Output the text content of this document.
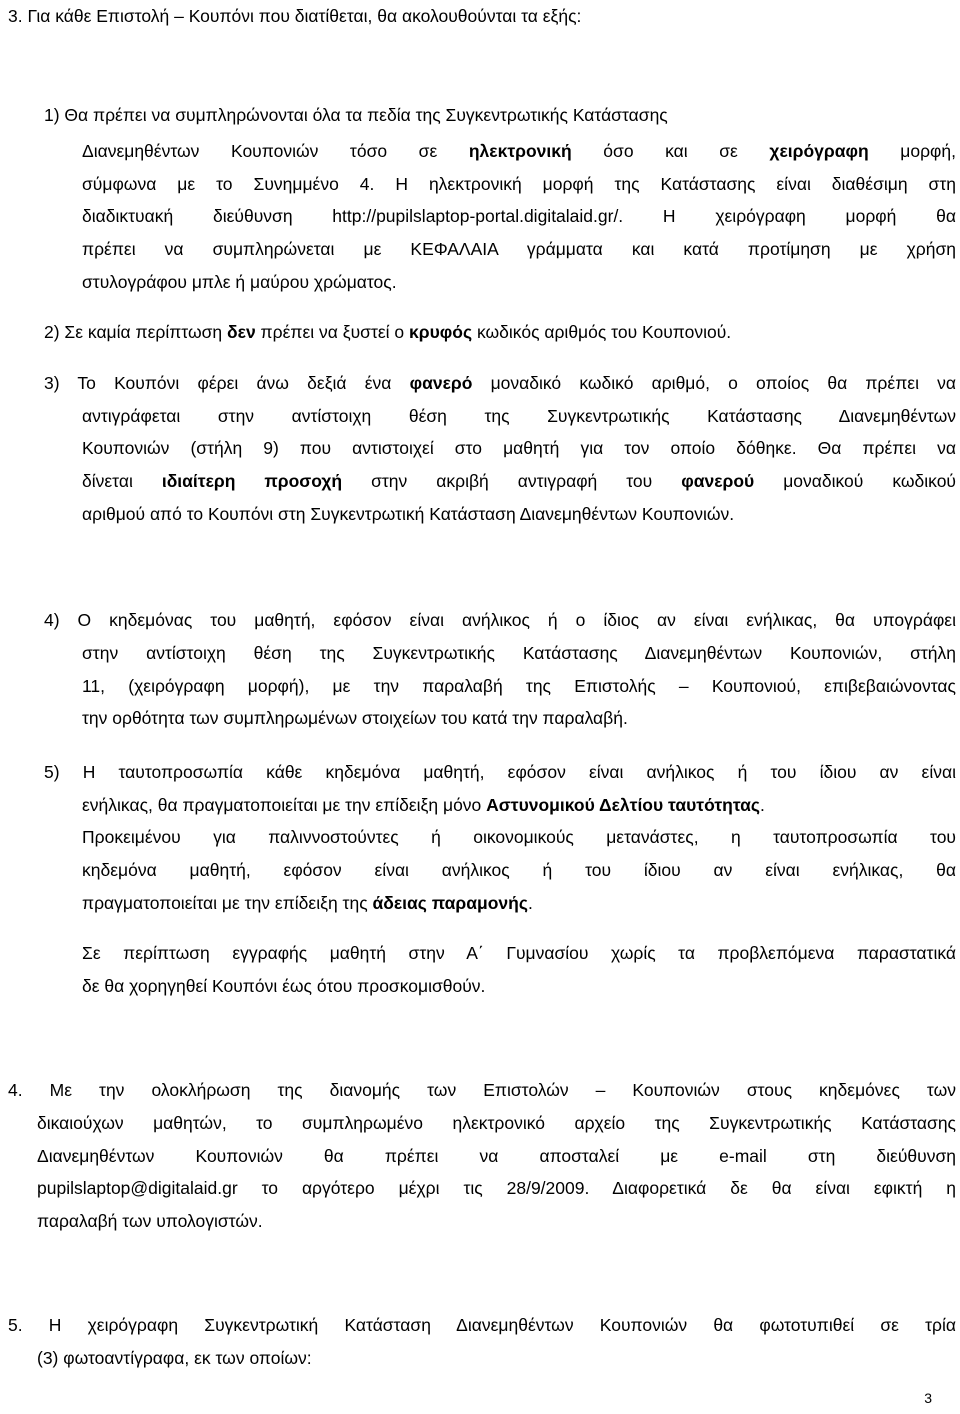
3. Για κάθε Επιστολή – Κουπόνι που διατίθεται, θα ακολουθούνται τα εξής:
1) Θα πρέπει να συμπληρώνονται όλα τα πεδία της Συγκεντρωτικής Κατάστασης
Διανεμηθέντων Κουπονιών τόσο σε ηλεκτρονική όσο και σε χειρόγραφη μορφή,
σύμφωνα με το Συνημμένο 4. Η ηλεκτρονική μορφή της Κατάστασης είναι διαθέσιμη στη
διαδικτυακή διεύθυνση http://pupilslaptop-portal.digitalaid.gr/. Η χειρόγραφη μορφή θα
πρέπει να συμπληρώνεται με ΚΕΦΑΛΑΙΑ γράμματα και κατά προτίμηση με χρήση
στυλογράφου μπλε ή μαύρου χρώματος.
2) Σε καμία περίπτωση δεν πρέπει να ξυστεί ο κρυφός κωδικός αριθμός του Κουπονιού.
3) Το Κουπόνι φέρει άνω δεξιά ένα φανερό μοναδικό κωδικό αριθμό, ο οποίος θα πρέπει να
αντιγράφεται στην αντίστοιχη θέση της Συγκεντρωτικής Κατάστασης Διανεμηθέντων
Κουπονιών (στήλη 9) που αντιστοιχεί στο μαθητή για τον οποίο δόθηκε. Θα πρέπει να
δίνεται ιδιαίτερη προσοχή στην ακριβή αντιγραφή του φανερού μοναδικού κωδικού
αριθμού από το Κουπόνι στη Συγκεντρωτική Κατάσταση Διανεμηθέντων Κουπονιών.
4) Ο κηδεμόνας του μαθητή, εφόσον είναι ανήλικος ή ο ίδιος αν είναι ενήλικας, θα υπογράφει
στην αντίστοιχη θέση της Συγκεντρωτικής Κατάστασης Διανεμηθέντων Κουπονιών, στήλη
11, (χειρόγραφη μορφή), με την παραλαβή της Επιστολής – Κουπονιού, επιβεβαιώνοντας
την ορθότητα των συμπληρωμένων στοιχείων του κατά την παραλαβή.
5) Η ταυτοπροσωπία κάθε κηδεμόνα μαθητή, εφόσον είναι ανήλικος ή του ίδιου αν είναι
ενήλικας, θα πραγματοποιείται με την επίδειξη μόνο Αστυνομικού Δελτίου ταυτότητας.
Προκειμένου για παλιννοστούντες ή οικονομικούς μετανάστες, η ταυτοπροσωπία του
κηδεμόνα μαθητή, εφόσον είναι ανήλικος ή του ίδιου αν είναι ενήλικας, θα
πραγματοποιείται με την επίδειξη της άδειας παραμονής.
Σε περίπτωση εγγραφής μαθητή στην Α΄ Γυμνασίου χωρίς τα προβλεπόμενα παραστατικά
δε θα χορηγηθεί Κουπόνι έως ότου προσκομισθούν.
4. Με την ολοκλήρωση της διανομής των Επιστολών – Κουπονιών στους κηδεμόνες των
δικαιούχων μαθητών, το συμπληρωμένο ηλεκτρονικό αρχείο της Συγκεντρωτικής Κατάστασης
Διανεμηθέντων Κουπονιών θα πρέπει να αποσταλεί με e-mail στη διεύθυνση
pupilslaptop@digitalaid.gr το αργότερο μέχρι τις 28/9/2009. Διαφορετικά δε θα είναι εφικτή η
παραλαβή των υπολογιστών.
5. Η χειρόγραφη Συγκεντρωτική Κατάσταση Διανεμηθέντων Κουπονιών θα φωτοτυπιθεί σε τρία
(3) φωτοαντίγραφα, εκ των οποίων:
3
